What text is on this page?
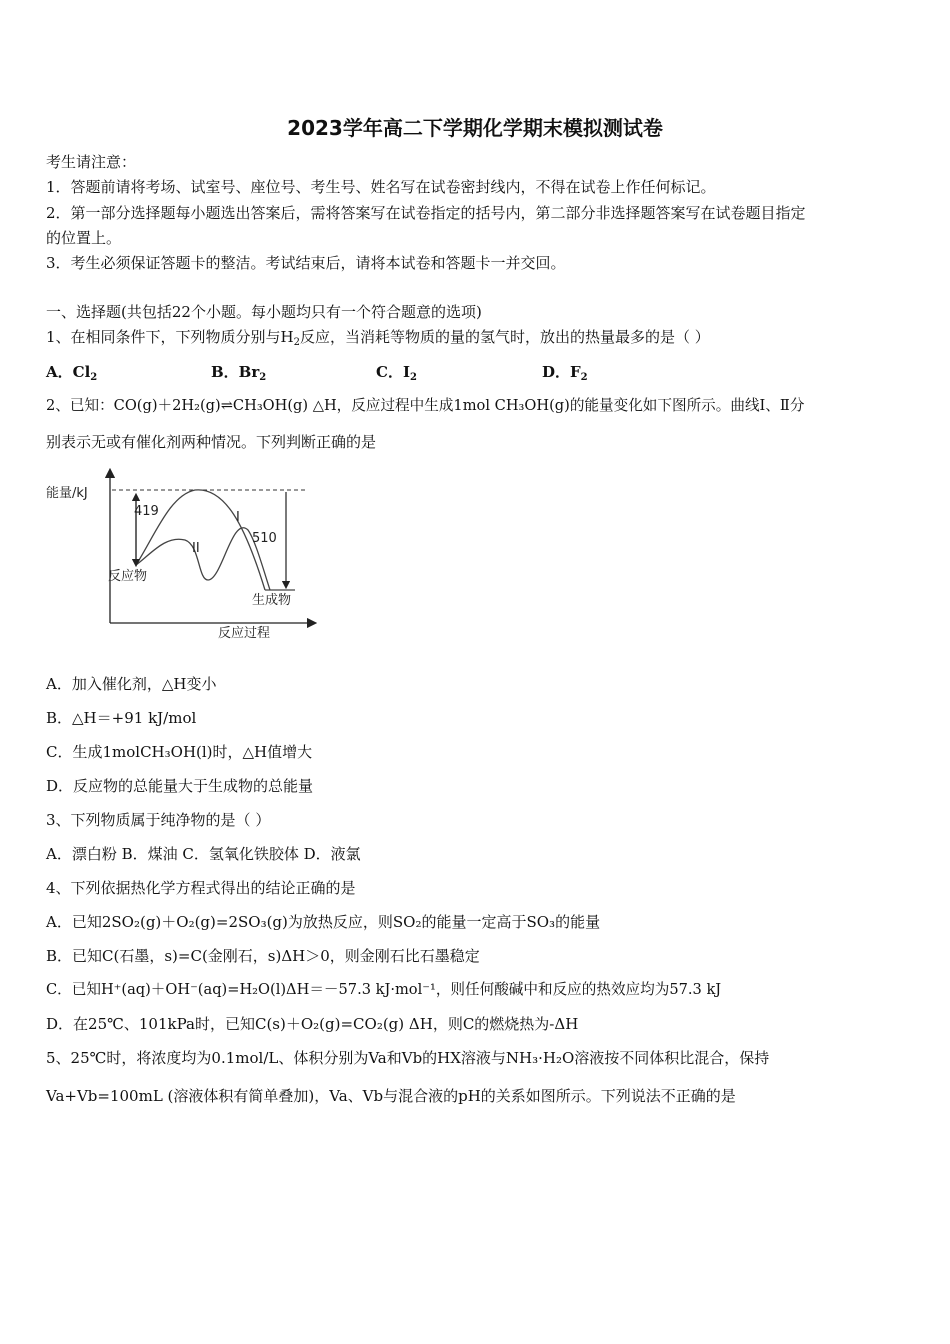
2023学年高二下学期化学期末模拟测试卷
考生请注意：
1．答题前请将考场、试室号、座位号、考生号、姓名写在试卷密封线内，不得在试卷上作任何标记。
2．第一部分选择题每小题选出答案后，需将答案写在试卷指定的括号内，第二部分非选择题答案写在试卷题目指定
的位置上。
3．考生必须保证答题卡的整洁。考试结束后，请将本试卷和答题卡一并交回。
一、选择题(共包括22个小题。每小题均只有一个符合题意的选项)
1、在相同条件下，下列物质分别与$H_2$反应，当消耗等物质的量的氢气时，放出的热量最多的是（ ）
A．$Cl_2$	B．$Br_2$	C．$I_2$	D．$F_2$
2、已知：CO(g)＋2H₂(g)⇌CH₃OH(g) △H，反应过程中生成1mol CH₃OH(g)的能量变化如下图所示。曲线Ⅰ、Ⅱ分
别表示无或有催化剂两种情况。下列判断正确的是
能量/kJ
反应过程
反应物
生成物
I
II
419
510
A．加入催化剂，△H变小
B．△H＝+91 kJ/mol
C．生成1molCH₃OH(l)时，△H值增大
D．反应物的总能量大于生成物的总能量
3、下列物质属于纯净物的是（ ）
A．漂白粉 B．煤油 C．氢氧化铁胶体 D．液氯
4、下列依据热化学方程式得出的结论正确的是
A．已知2SO₂(g)＋O₂(g)=2SO₃(g)为放热反应，则SO₂的能量一定高于SO₃的能量
B．已知C(石墨，s)=C(金刚石，s)ΔH＞0，则金刚石比石墨稳定
C．已知H⁺(aq)＋OH⁻(aq)=H₂O(l)ΔH＝－57.3 kJ·mol⁻¹，则任何酸碱中和反应的热效应均为57.3 kJ
D．在25℃、101kPa时，已知C(s)＋O₂(g)=CO₂(g) ΔH，则C的燃烧热为-ΔH
5、25℃时，将浓度均为0.1mol/L、体积分别为Va和Vb的HX溶液与NH₃·H₂O溶液按不同体积比混合，保持
Va+Vb=100mL (溶液体积有简单叠加)，Va、Vb与混合液的pH的关系如图所示。下列说法不正确的是
